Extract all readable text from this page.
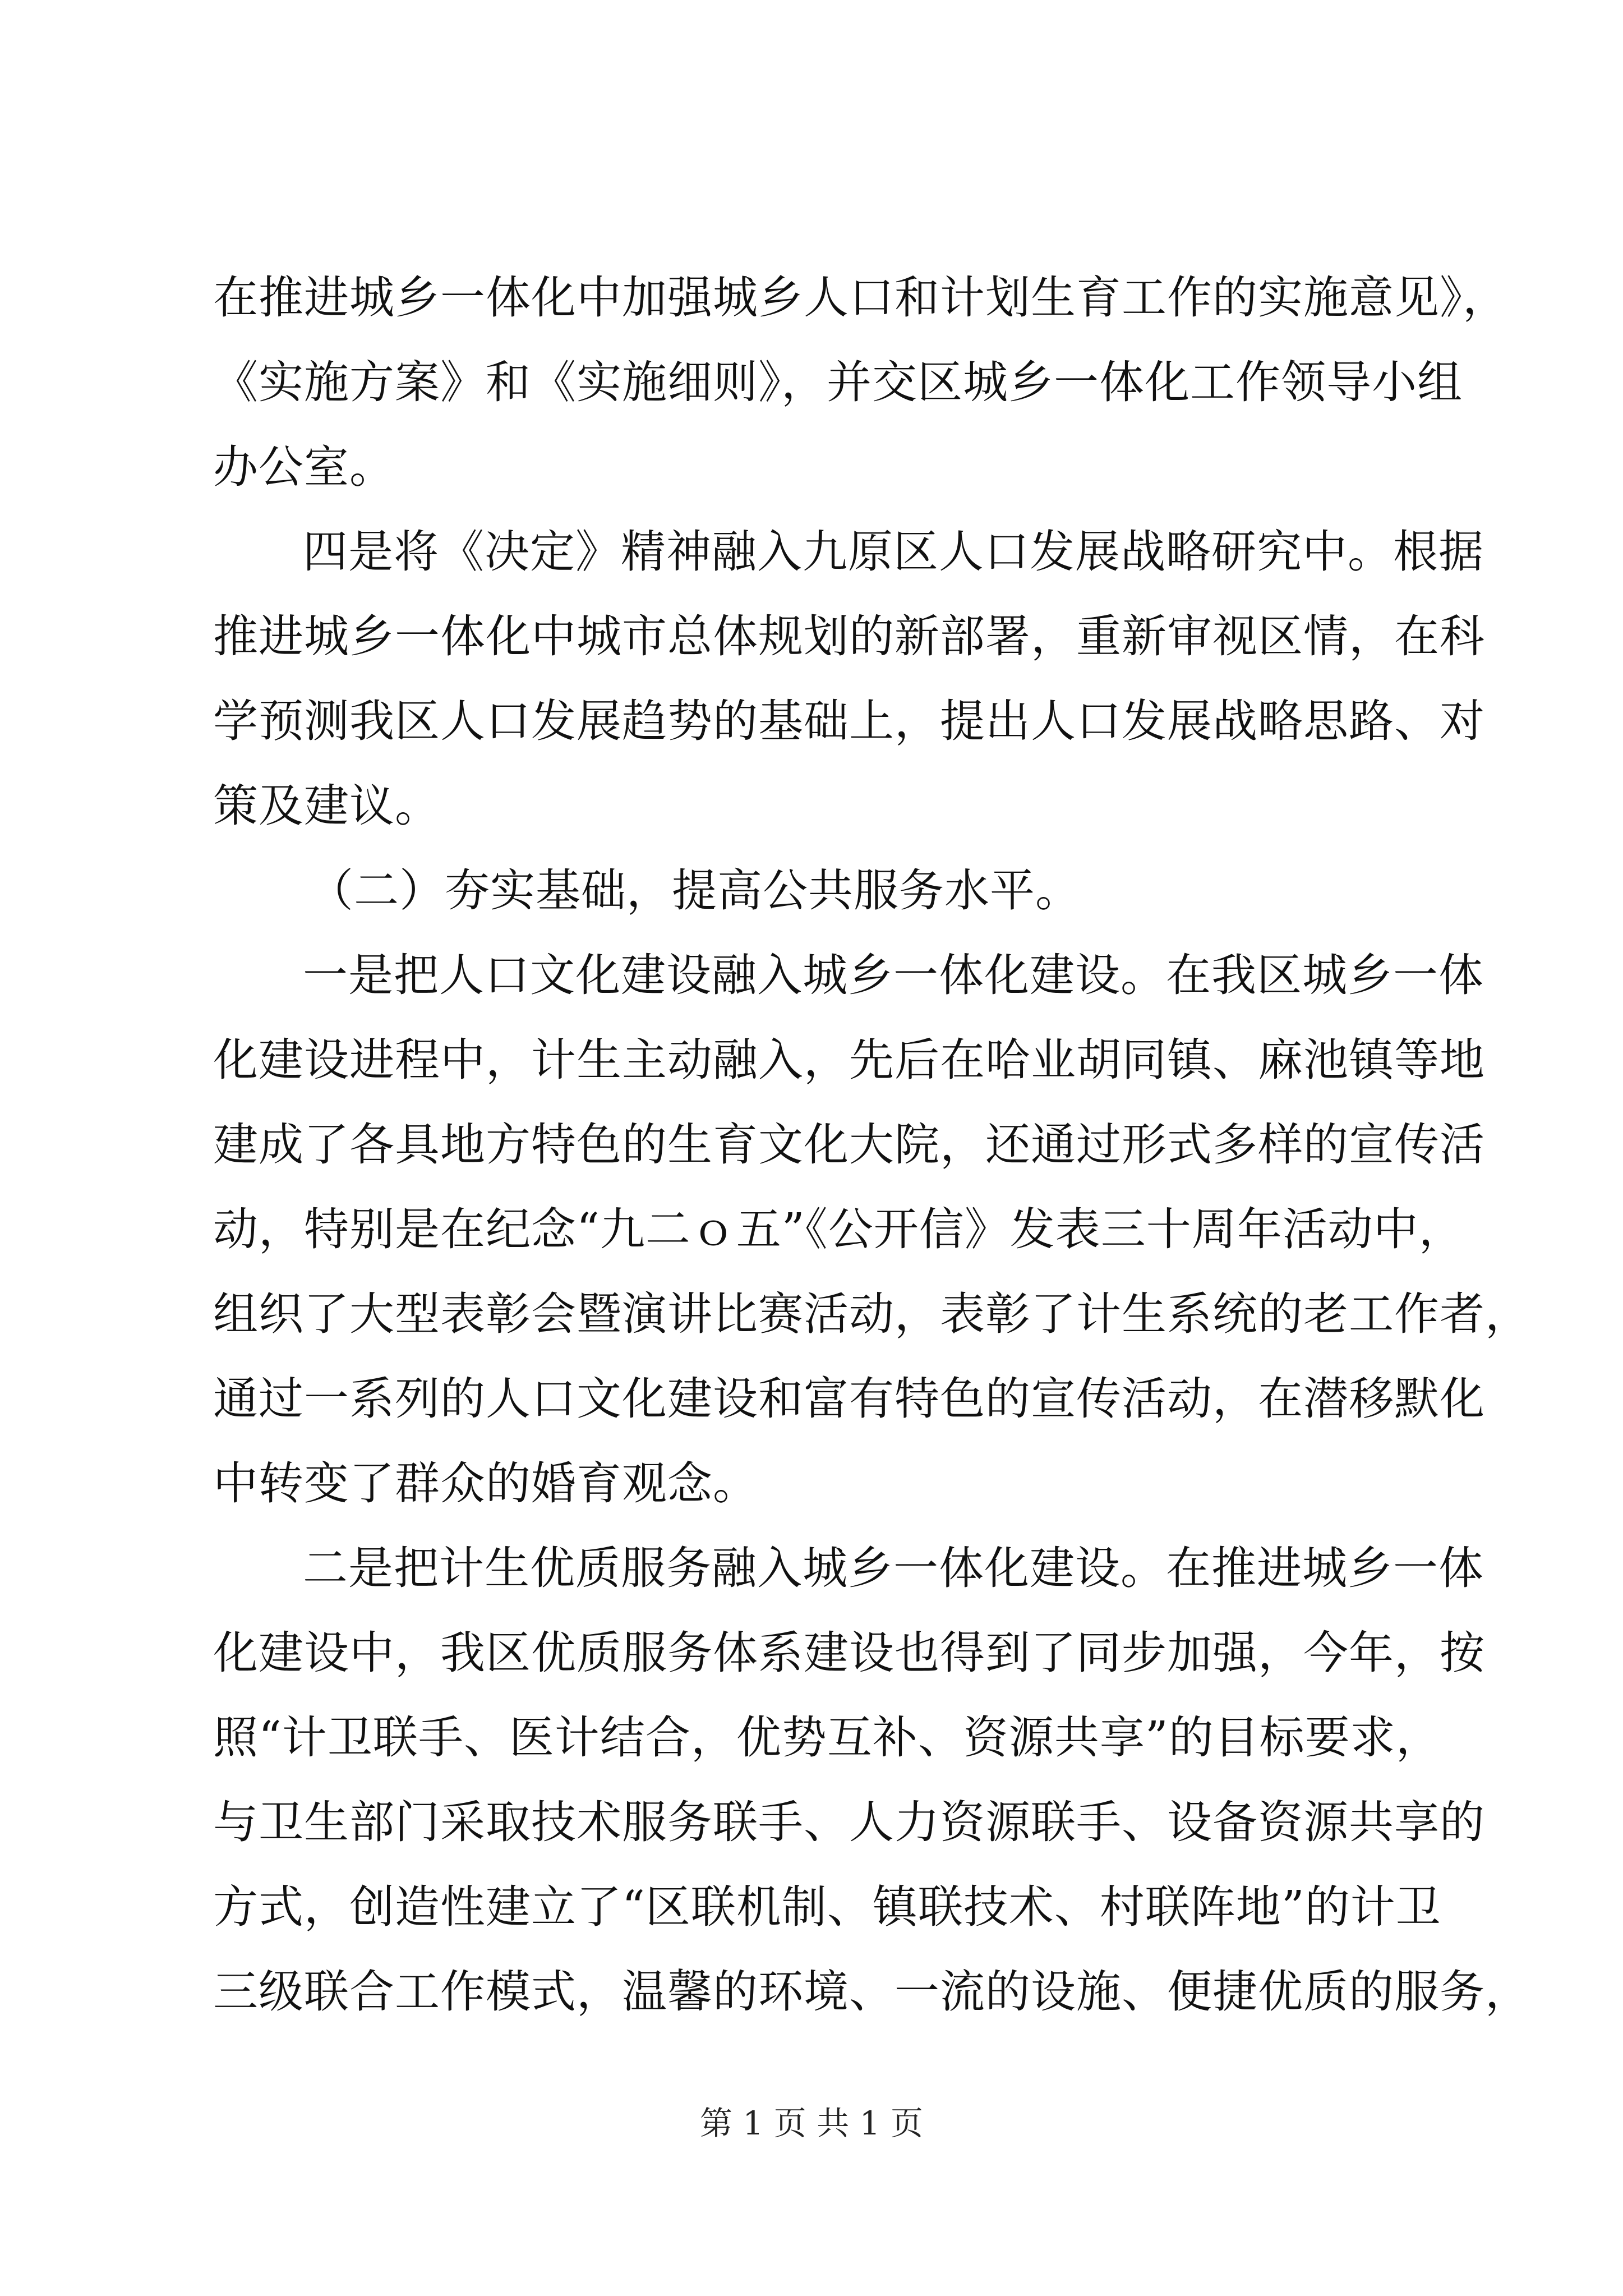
在推进城乡一体化中加强城乡人口和计划生育工作的实施意见》，
《实施方案》和《实施细则》，并交区城乡一体化工作领导小组
办公室。
四是将《决定》精神融入九原区人口发展战略研究中。根据
推进城乡一体化中城市总体规划的新部署，重新审视区情，在科
学预测我区人口发展趋势的基础上，提出人口发展战略思路、对
策及建议。
（二）夯实基础，提高公共服务水平。
一是把人口文化建设融入城乡一体化建设。在我区城乡一体
化建设进程中，计生主动融入，先后在哈业胡同镇、麻池镇等地
建成了各具地方特色的生育文化大院，还通过形式多样的宣传活
动，特别是在纪念“九二ｏ五”《公开信》发表三十周年活动中，
组织了大型表彰会暨演讲比赛活动，表彰了计生系统的老工作者，
通过一系列的人口文化建设和富有特色的宣传活动，在潜移默化
中转变了群众的婚育观念。
二是把计生优质服务融入城乡一体化建设。在推进城乡一体
化建设中，我区优质服务体系建设也得到了同步加强，今年，按
照“计卫联手、医计结合，优势互补、资源共享”的目标要求，
与卫生部门采取技术服务联手、人力资源联手、设备资源共享的
方式，创造性建立了“区联机制、镇联技术、村联阵地”的计卫
三级联合工作模式，温馨的环境、一流的设施、便捷优质的服务，
第 1 页 共 1 页
